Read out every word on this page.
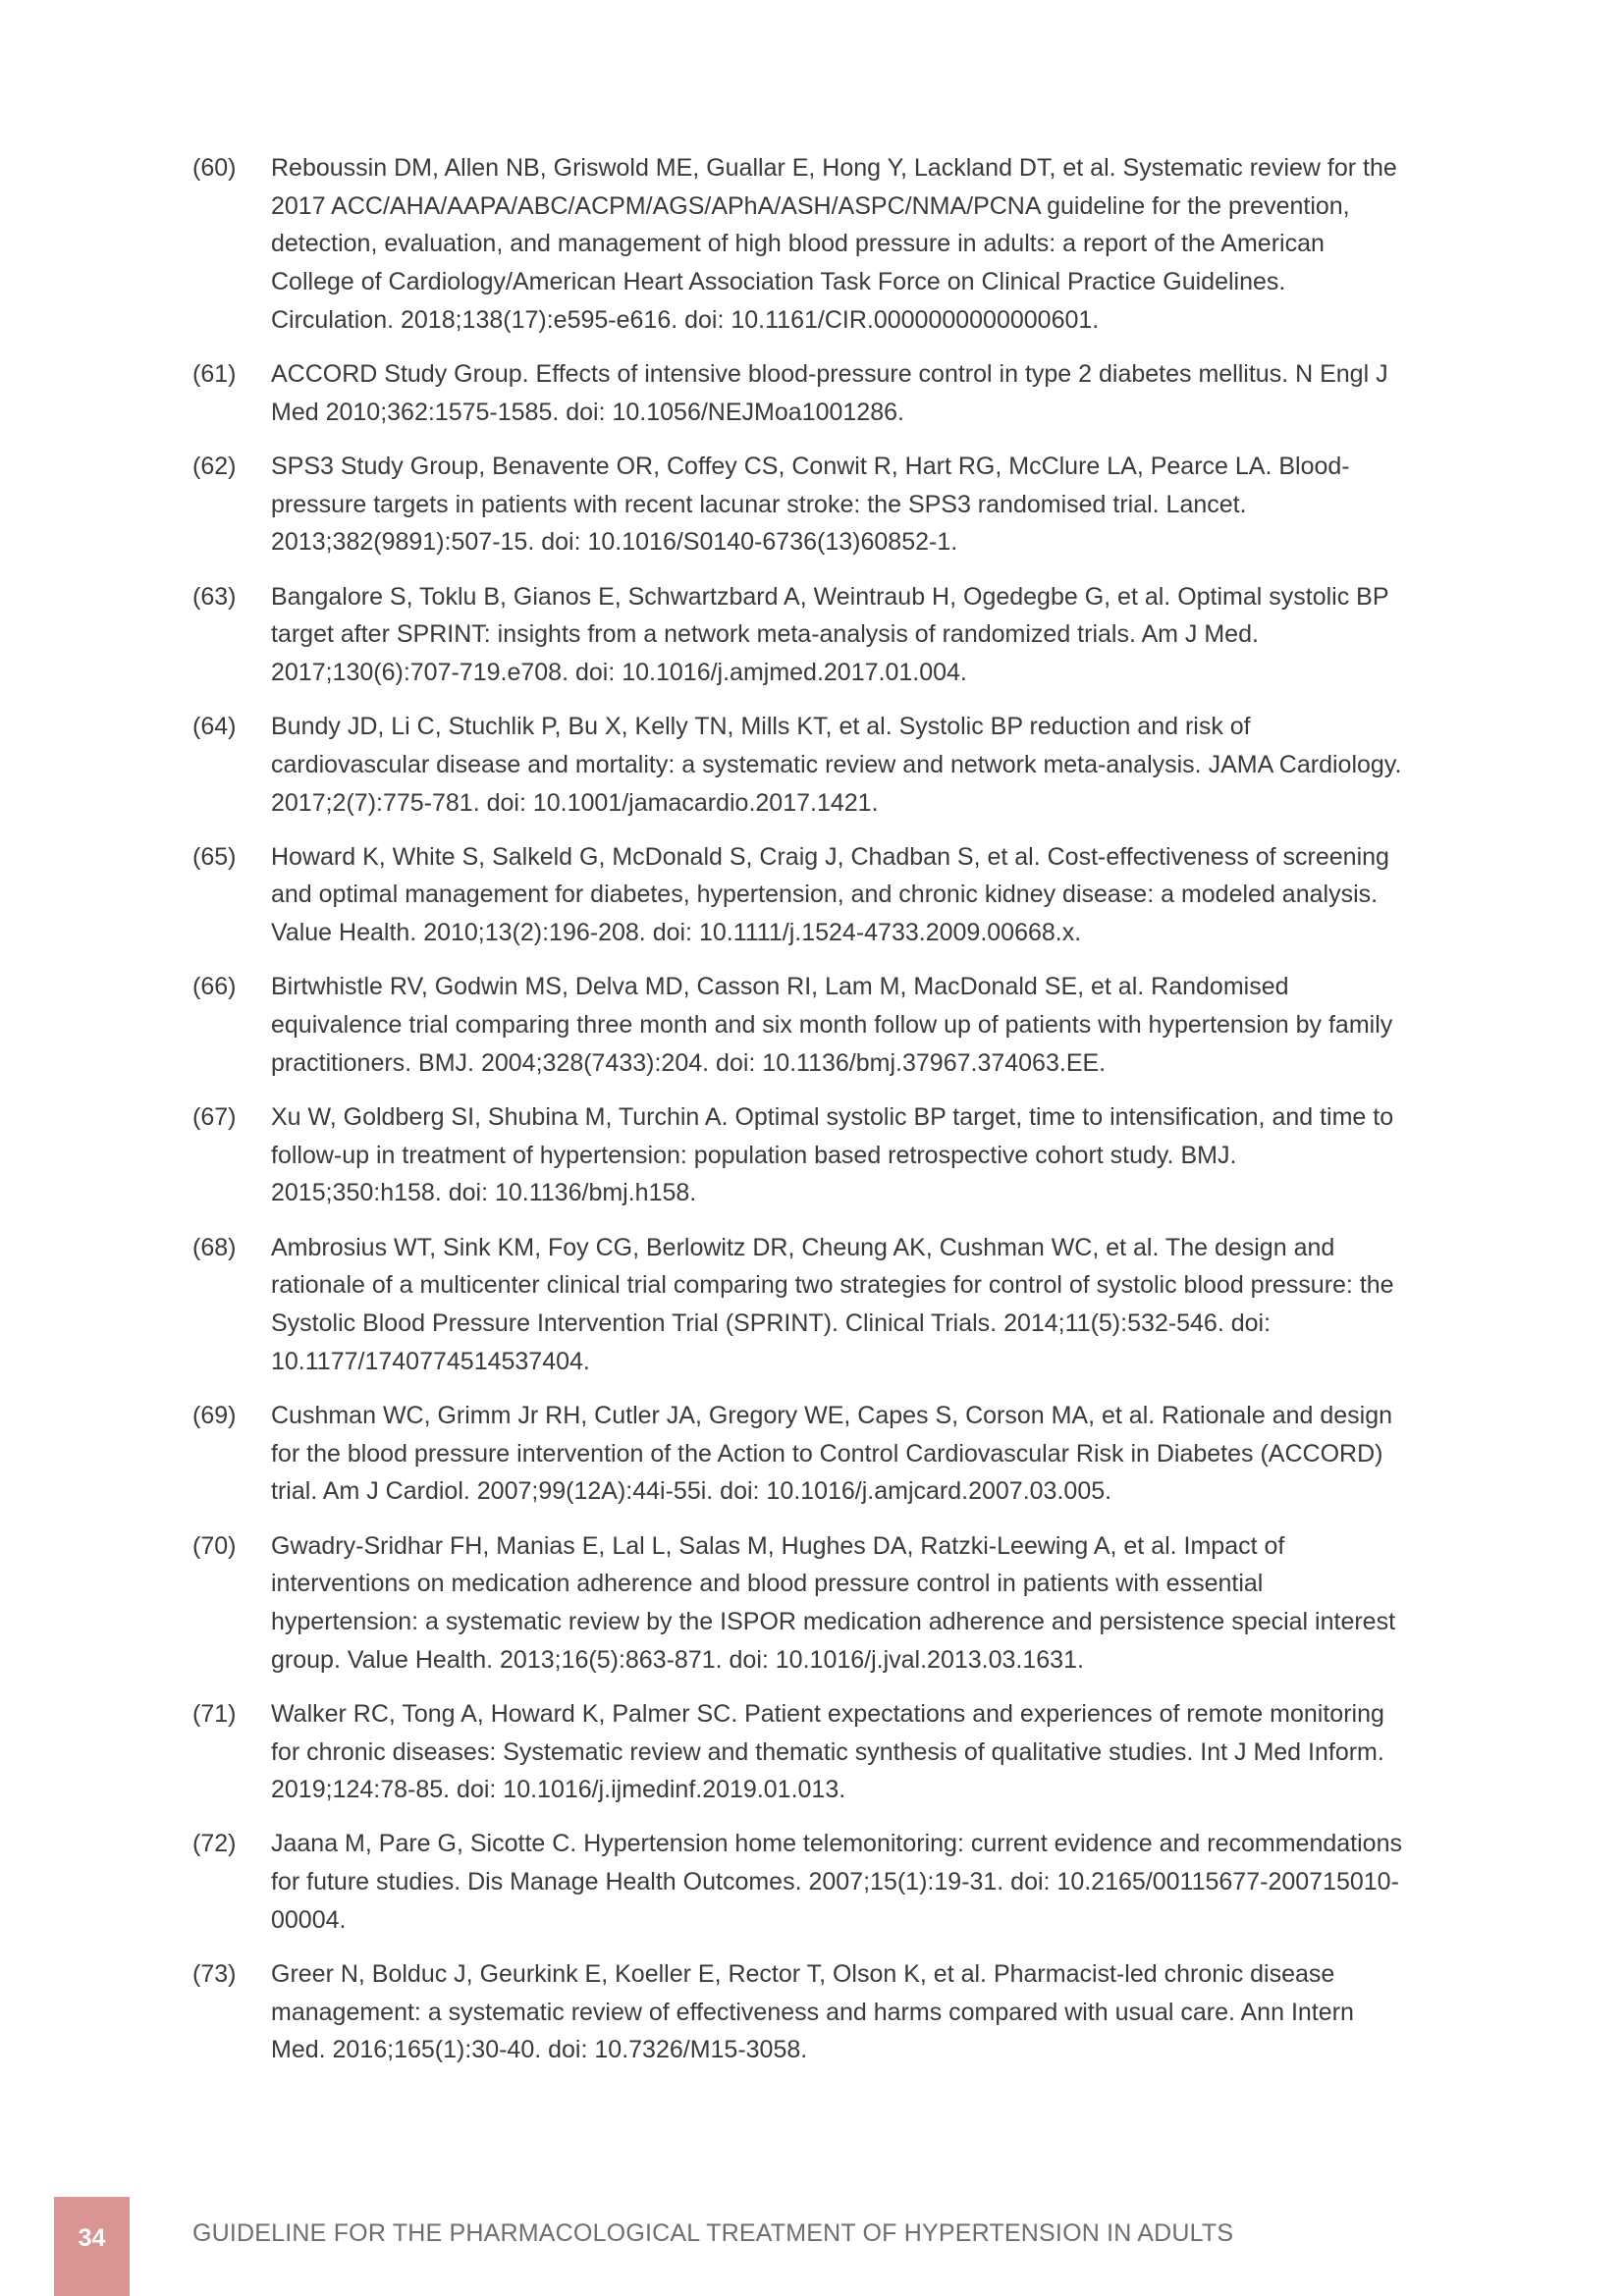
(60)	Reboussin DM, Allen NB, Griswold ME, Guallar E, Hong Y, Lackland DT, et al. Systematic review for the 2017 ACC/AHA/AAPA/ABC/ACPM/AGS/APhA/ASH/ASPC/NMA/PCNA guideline for the prevention, detection, evaluation, and management of high blood pressure in adults: a report of the American College of Cardiology/American Heart Association Task Force on Clinical Practice Guidelines. Circulation. 2018;138(17):e595-e616. doi: 10.1161/CIR.0000000000000601.
(61)	ACCORD Study Group. Effects of intensive blood-pressure control in type 2 diabetes mellitus. N Engl J Med 2010;362:1575-1585. doi: 10.1056/NEJMoa1001286.
(62)	SPS3 Study Group, Benavente OR, Coffey CS, Conwit R, Hart RG, McClure LA, Pearce LA. Blood-pressure targets in patients with recent lacunar stroke: the SPS3 randomised trial. Lancet. 2013;382(9891):507-15. doi: 10.1016/S0140-6736(13)60852-1.
(63)	Bangalore S, Toklu B, Gianos E, Schwartzbard A, Weintraub H, Ogedegbe G, et al. Optimal systolic BP target after SPRINT: insights from a network meta-analysis of randomized trials. Am J Med. 2017;130(6):707-719.e708. doi: 10.1016/j.amjmed.2017.01.004.
(64)	Bundy JD, Li C, Stuchlik P, Bu X, Kelly TN, Mills KT, et al. Systolic BP reduction and risk of cardiovascular disease and mortality: a systematic review and network meta-analysis. JAMA Cardiology. 2017;2(7):775-781. doi: 10.1001/jamacardio.2017.1421.
(65)	Howard K, White S, Salkeld G, McDonald S, Craig J, Chadban S, et al. Cost-effectiveness of screening and optimal management for diabetes, hypertension, and chronic kidney disease: a modeled analysis. Value Health. 2010;13(2):196-208. doi: 10.1111/j.1524-4733.2009.00668.x.
(66)	Birtwhistle RV, Godwin MS, Delva MD, Casson RI, Lam M, MacDonald SE, et al. Randomised equivalence trial comparing three month and six month follow up of patients with hypertension by family practitioners. BMJ. 2004;328(7433):204. doi: 10.1136/bmj.37967.374063.EE.
(67)	Xu W, Goldberg SI, Shubina M, Turchin A. Optimal systolic BP target, time to intensification, and time to follow-up in treatment of hypertension: population based retrospective cohort study. BMJ. 2015;350:h158. doi: 10.1136/bmj.h158.
(68)	Ambrosius WT, Sink KM, Foy CG, Berlowitz DR, Cheung AK, Cushman WC, et al. The design and rationale of a multicenter clinical trial comparing two strategies for control of systolic blood pressure: the Systolic Blood Pressure Intervention Trial (SPRINT). Clinical Trials. 2014;11(5):532-546. doi: 10.1177/1740774514537404.
(69)	Cushman WC, Grimm Jr RH, Cutler JA, Gregory WE, Capes S, Corson MA, et al. Rationale and design for the blood pressure intervention of the Action to Control Cardiovascular Risk in Diabetes (ACCORD) trial. Am J Cardiol. 2007;99(12A):44i-55i. doi: 10.1016/j.amjcard.2007.03.005.
(70)	Gwadry-Sridhar FH, Manias E, Lal L, Salas M, Hughes DA, Ratzki-Leewing A, et al. Impact of interventions on medication adherence and blood pressure control in patients with essential hypertension: a systematic review by the ISPOR medication adherence and persistence special interest group. Value Health. 2013;16(5):863-871. doi: 10.1016/j.jval.2013.03.1631.
(71)	Walker RC, Tong A, Howard K, Palmer SC. Patient expectations and experiences of remote monitoring for chronic diseases: Systematic review and thematic synthesis of qualitative studies. Int J Med Inform. 2019;124:78-85. doi: 10.1016/j.ijmedinf.2019.01.013.
(72)	Jaana M, Pare G, Sicotte C. Hypertension home telemonitoring: current evidence and recommendations for future studies. Dis Manage Health Outcomes. 2007;15(1):19-31. doi: 10.2165/00115677-200715010-00004.
(73)	Greer N, Bolduc J, Geurkink E, Koeller E, Rector T, Olson K, et al. Pharmacist-led chronic disease management: a systematic review of effectiveness and harms compared with usual care. Ann Intern Med. 2016;165(1):30-40. doi: 10.7326/M15-3058.
34	GUIDELINE FOR THE PHARMACOLOGICAL TREATMENT OF HYPERTENSION IN ADULTS
